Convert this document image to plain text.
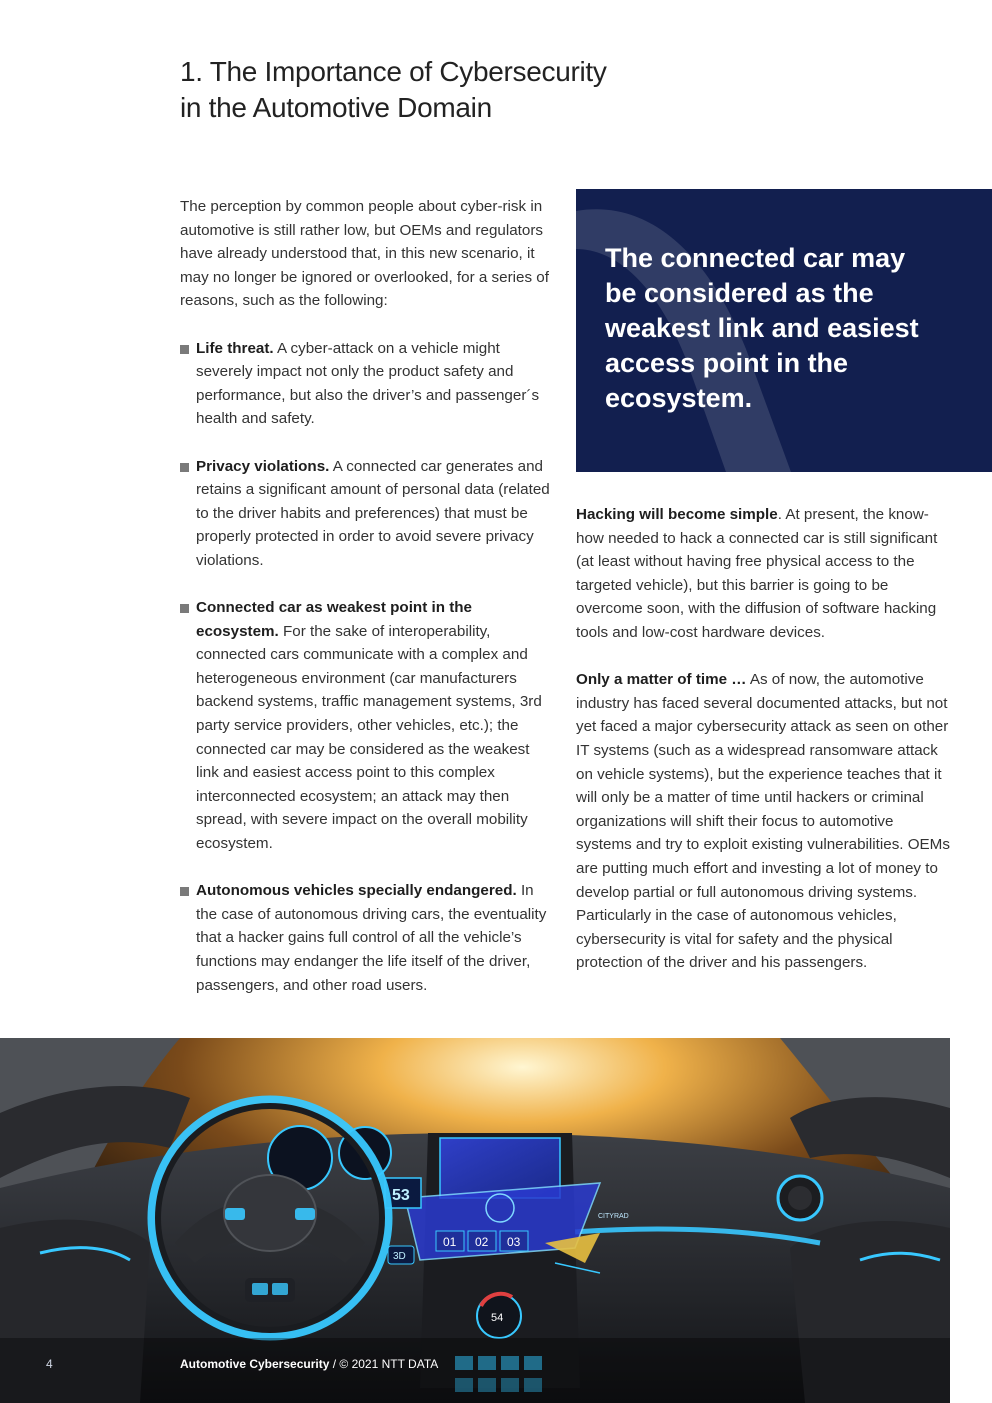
1. The Importance of Cybersecurity
in the Automotive Domain

The perception by common people about cyber-risk in automotive is still rather low, but OEMs and regulators have already understood that, in this new scenario, it may no longer be ignored or overlooked, for a series of reasons, such as the following:

Life threat. A cyber-attack on a vehicle might severely impact not only the product safety and performance, but also the driver’s and passenger´s health and safety.
Privacy violations. A connected car generates and retains a significant amount of personal data (related to the driver habits and preferences) that must be properly protected in order to avoid severe privacy violations.
Connected car as weakest point in the ecosystem. For the sake of interoperability, connected cars communicate with a complex and heterogeneous environment (car manufacturers backend systems, traffic management systems, 3rd party service providers, other vehicles, etc.); the connected car may be considered as the weakest link and easiest access point to this complex interconnected ecosystem; an attack may then spread, with severe impact on the overall mobility ecosystem.
Autonomous vehicles specially endangered. In the case of autonomous driving cars, the eventuality that a hacker gains full control of all the vehicle’s functions may endanger the life itself of the driver, passengers, and other road users.

The connected car may be considered as the weakest link and easiest access point in the ecosystem.

Hacking will become simple. At present, the know-how needed to hack a connected car is still significant (at least without having free physical access to the targeted vehicle), but this barrier is going to be overcome soon, with the diffusion of software hacking tools and low-cost hardware devices.

Only a matter of time … As of now, the automotive industry has faced several documented attacks, but not yet faced a major cybersecurity attack as seen on other IT systems (such as a widespread ransomware attack on vehicle systems), but the experience teaches that it will only be a matter of time until hackers or criminal organizations will shift their focus to automotive systems and try to exploit existing vulnerabilities. OEMs are putting much effort and investing a lot of money to develop partial or full autonomous driving systems. Particularly in the case of autonomous vehicles, cybersecurity is vital for safety and the physical protection of the driver and his passengers.

01 02 03
53
3D
CITYRAD
54
4	Automotive Cybersecurity / © 2021 NTT DATA
